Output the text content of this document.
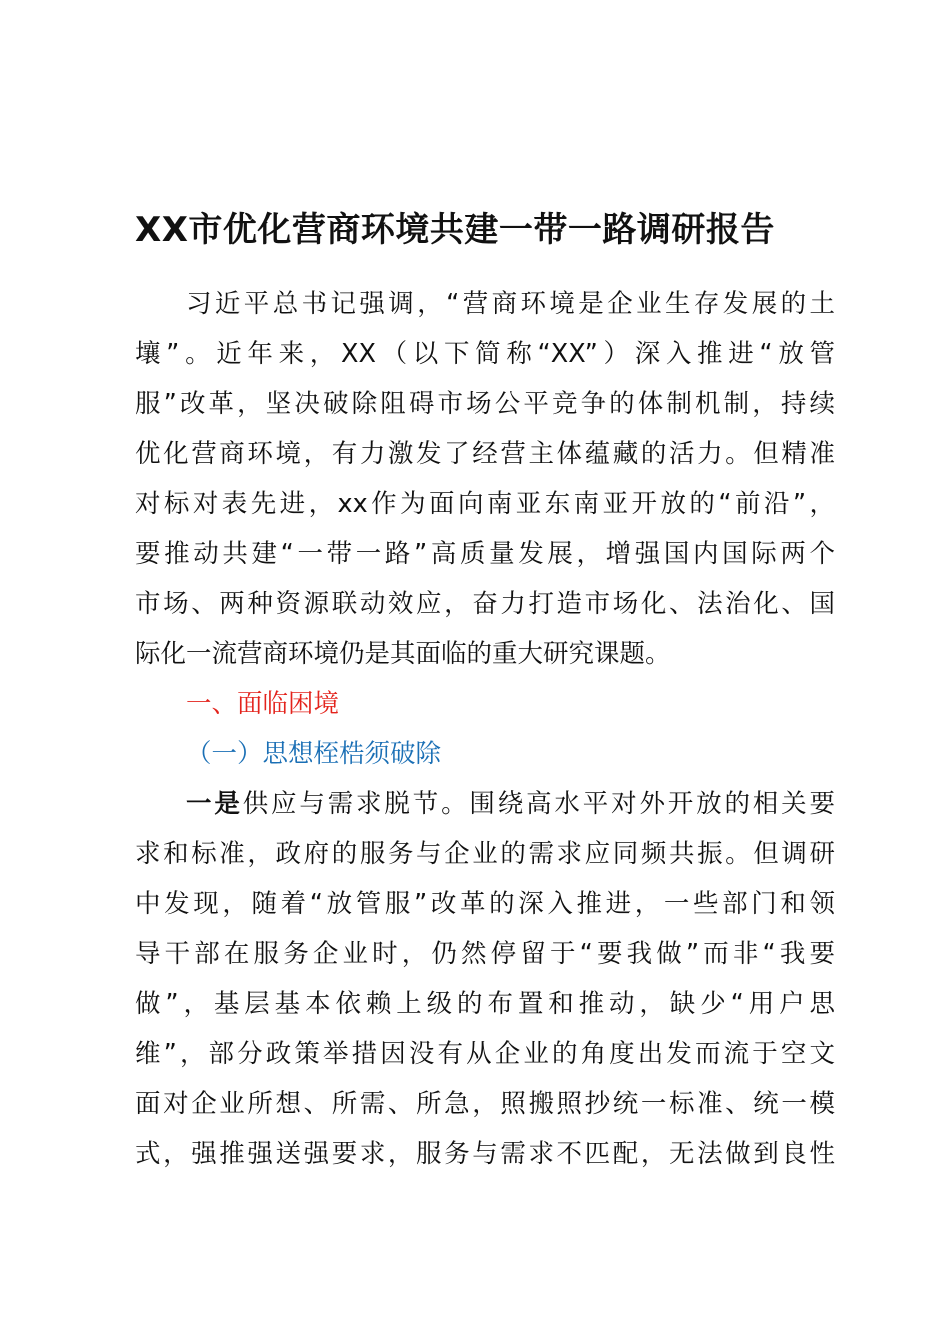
XX市优化营商环境共建一带一路调研报告
习近平总书记强调，“营商环境是企业生存发展的土
壤”。近年来，XX（以下简称“XX”）深入推进“放管
服”改革，坚决破除阻碍市场公平竞争的体制机制，持续
优化营商环境，有力激发了经营主体蕴藏的活力。但精准
对标对表先进，xx作为面向南亚东南亚开放的“前沿”，
要推动共建“一带一路”高质量发展，增强国内国际两个
市场、两种资源联动效应，奋力打造市场化、法治化、国
际化一流营商环境仍是其面临的重大研究课题。
一、面临困境
（一）思想桎梏须破除
一是供应与需求脱节。围绕高水平对外开放的相关要
求和标准，政府的服务与企业的需求应同频共振。但调研
中发现，随着“放管服”改革的深入推进，一些部门和领
导干部在服务企业时，仍然停留于“要我做”而非“我要
做”，基层基本依赖上级的布置和推动，缺少“用户思
维”，部分政策举措因没有从企业的角度出发而流于空文
面对企业所想、所需、所急，照搬照抄统一标准、统一模
式，强推强送强要求，服务与需求不匹配，无法做到良性
